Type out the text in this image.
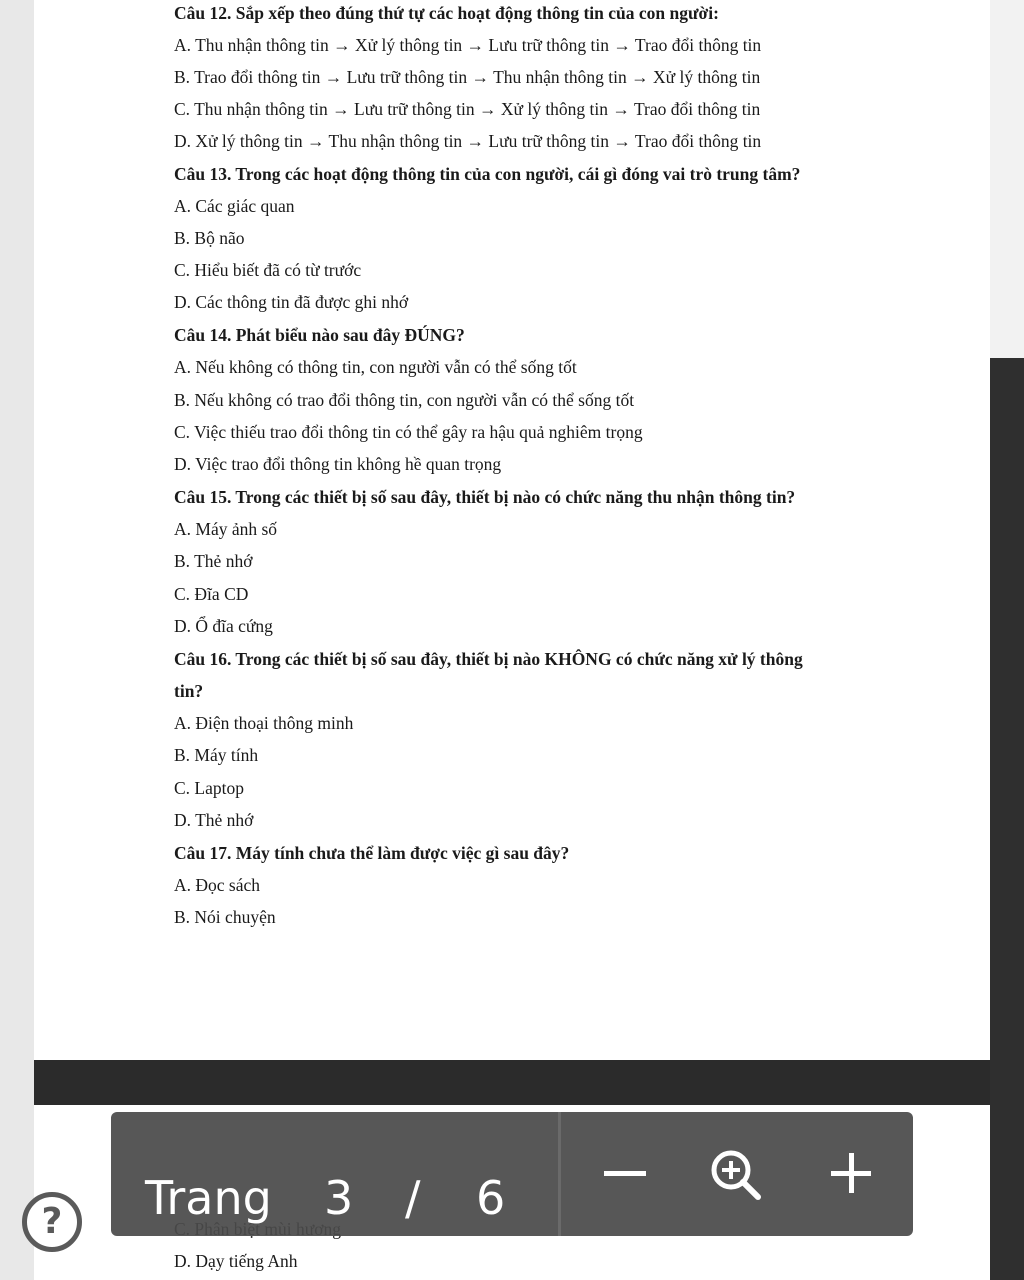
Câu 12. Sắp xếp theo đúng thứ tự các hoạt động thông tin của con người:
A. Thu nhận thông tin → Xử lý thông tin → Lưu trữ thông tin → Trao đổi thông tin
B. Trao đổi thông tin → Lưu trữ thông tin → Thu nhận thông tin → Xử lý thông tin
C. Thu nhận thông tin → Lưu trữ thông tin → Xử lý thông tin → Trao đổi thông tin
D. Xử lý thông tin → Thu nhận thông tin → Lưu trữ thông tin → Trao đổi thông tin
Câu 13. Trong các hoạt động thông tin của con người, cái gì đóng vai trò trung tâm?
A. Các giác quan
B. Bộ não
C. Hiểu biết đã có từ trước
D. Các thông tin đã được ghi nhớ
Câu 14. Phát biểu nào sau đây ĐÚNG?
A. Nếu không có thông tin, con người vẫn có thể sống tốt
B. Nếu không có trao đổi thông tin, con người vẫn có thể sống tốt
C. Việc thiếu trao đổi thông tin có thể gây ra hậu quả nghiêm trọng
D. Việc trao đổi thông tin không hề quan trọng
Câu 15. Trong các thiết bị số sau đây, thiết bị nào có chức năng thu nhận thông tin?
A. Máy ảnh số
B. Thẻ nhớ
C. Đĩa CD
D. Ổ đĩa cứng
Câu 16. Trong các thiết bị số sau đây, thiết bị nào KHÔNG có chức năng xử lý thông
tin?
A. Điện thoại thông minh
B. Máy tính
C. Laptop
D. Thẻ nhớ
Câu 17. Máy tính chưa thể làm được việc gì sau đây?
A. Đọc sách
B. Nói chuyện
D. Dạy tiếng Anh
Trang 3 / 6
?
